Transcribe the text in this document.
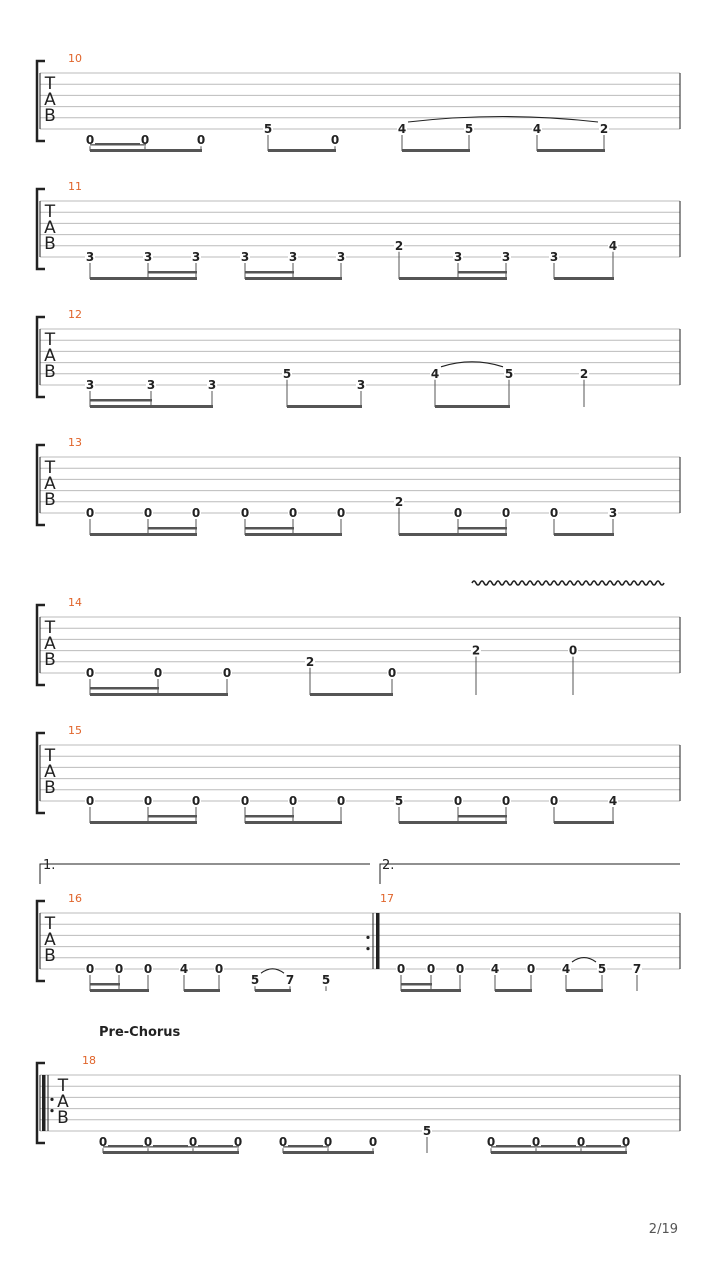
T
A
B
T
A
B
T
A
B
T
A
B
T
A
B
T
A
B
T
A
B
T
A
B
10
0	0	0
5
0
4	5	4	2
11
3	3	3	3	3	3
2
3	3	3
4
12
3	3	3
5
3
4	5	2
13
0	0	0	0	0	0
2
0	0	0	3
14
0	0	0
2
0
2	0
15
0	0	0	0	0	0	5	0	0	0	4
16	17
0 0 0 4 0
5 7 5
0 0 0 4 0 4 5 7
18
0	0	0	0	0	0	0
5
0	0	0	0
Pre-Chorus
1.	2.
2/19
